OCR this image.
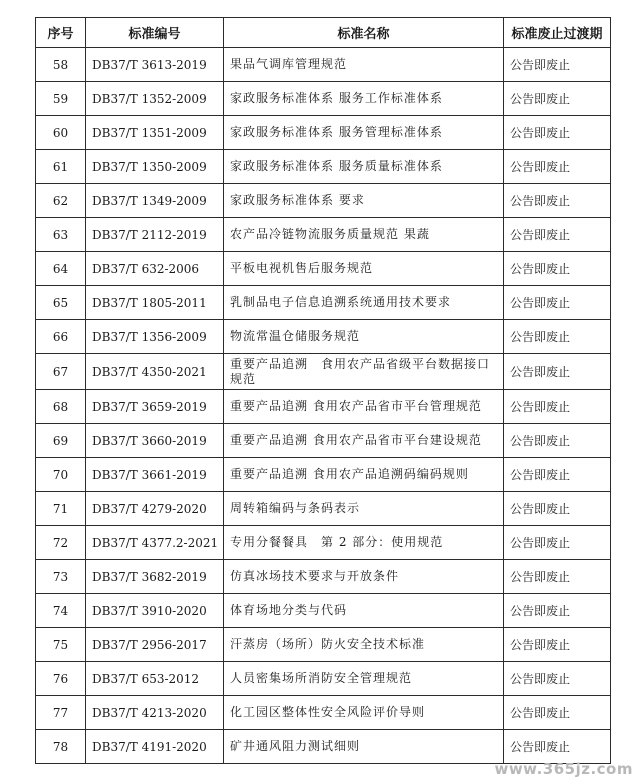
序号	标准编号	标准名称	标准废止过渡期
58	DB37/T 3613-2019	果品气调库管理规范	公告即废止
59	DB37/T 1352-2009	家政服务标准体系 服务工作标准体系	公告即废止
60	DB37/T 1351-2009	家政服务标准体系 服务管理标准体系	公告即废止
61	DB37/T 1350-2009	家政服务标准体系 服务质量标准体系	公告即废止
62	DB37/T 1349-2009	家政服务标准体系 要求	公告即废止
63	DB37/T 2112-2019	农产品冷链物流服务质量规范 果蔬	公告即废止
64	DB37/T 632-2006	平板电视机售后服务规范	公告即废止
65	DB37/T 1805-2011	乳制品电子信息追溯系统通用技术要求	公告即废止
66	DB37/T 1356-2009	物流常温仓储服务规范	公告即废止
67	DB37/T 4350-2021	重要产品追溯　食用农产品省级平台数据接口规范	公告即废止
68	DB37/T 3659-2019	重要产品追溯 食用农产品省市平台管理规范	公告即废止
69	DB37/T 3660-2019	重要产品追溯 食用农产品省市平台建设规范	公告即废止
70	DB37/T 3661-2019	重要产品追溯 食用农产品追溯码编码规则	公告即废止
71	DB37/T 4279-2020	周转箱编码与条码表示	公告即废止
72	DB37/T 4377.2-2021	专用分餐餐具　第 2 部分：使用规范	公告即废止
73	DB37/T 3682-2019	仿真冰场技术要求与开放条件	公告即废止
74	DB37/T 3910-2020	体育场地分类与代码	公告即废止
75	DB37/T 2956-2017	汗蒸房（场所）防火安全技术标准	公告即废止
76	DB37/T 653-2012	人员密集场所消防安全管理规范	公告即废止
77	DB37/T 4213-2020	化工园区整体性安全风险评价导则	公告即废止
78	DB37/T 4191-2020	矿井通风阻力测试细则	公告即废止
www.365jz.com
